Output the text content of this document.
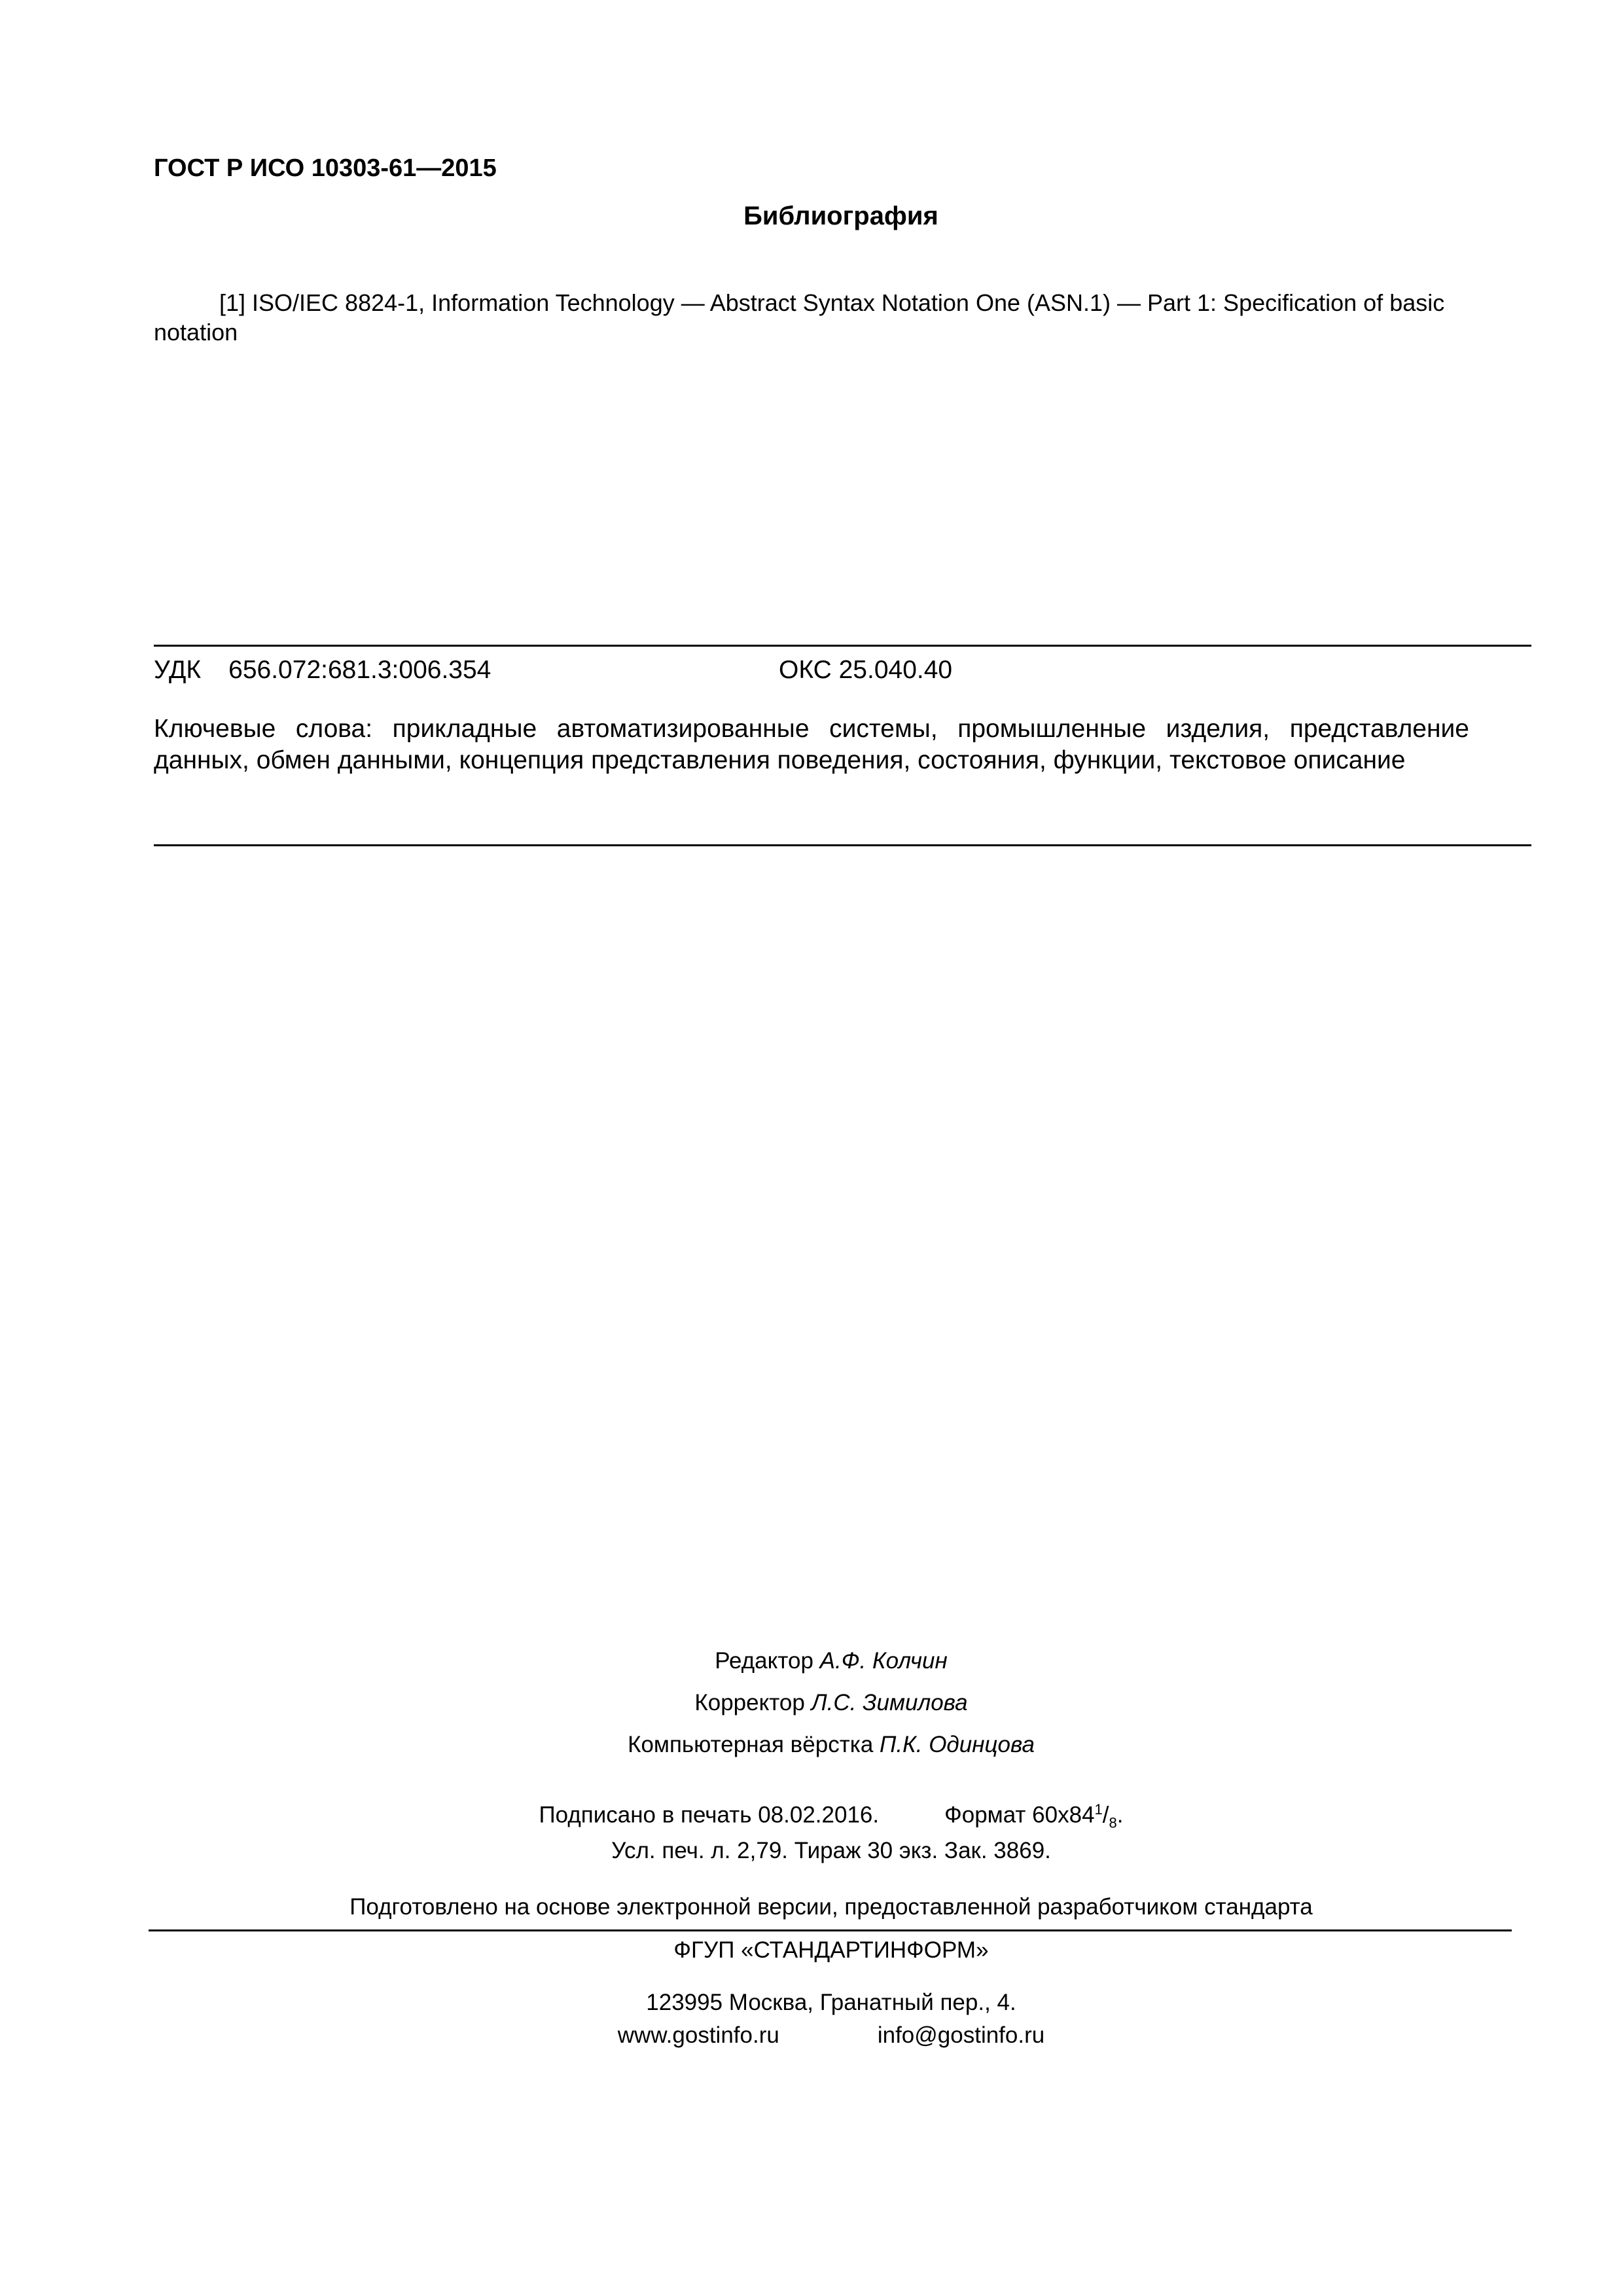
ГОСТ Р ИСО 10303-61—2015
Библиография
[1] ISO/IEC 8824-1, Information Technology — Abstract Syntax Notation One (ASN.1) — Part 1: Specification of basic notation
УДК 656.072:681.3:006.354	ОКС 25.040.40
Ключевые слова: прикладные автоматизированные системы, промышленные изделия, представление данных, обмен данными, концепция представления поведения, состояния, функции, текстовое описание
Редактор А.Ф. Колчин
Корректор Л.С. Зимилова
Компьютерная вёрстка П.К. Одинцова
Подписано в печать 08.02.2016.	Формат $60x84^1/_8$.
Усл. печ. л. 2,79. Тираж 30 экз. Зак. 3869.
Подготовлено на основе электронной версии, предоставленной разработчиком стандарта
ФГУП «СТАНДАРТИНФОРМ»
123995 Москва, Гранатный пер., 4.
www.gostinfo.ru	info@gostinfo.ru
